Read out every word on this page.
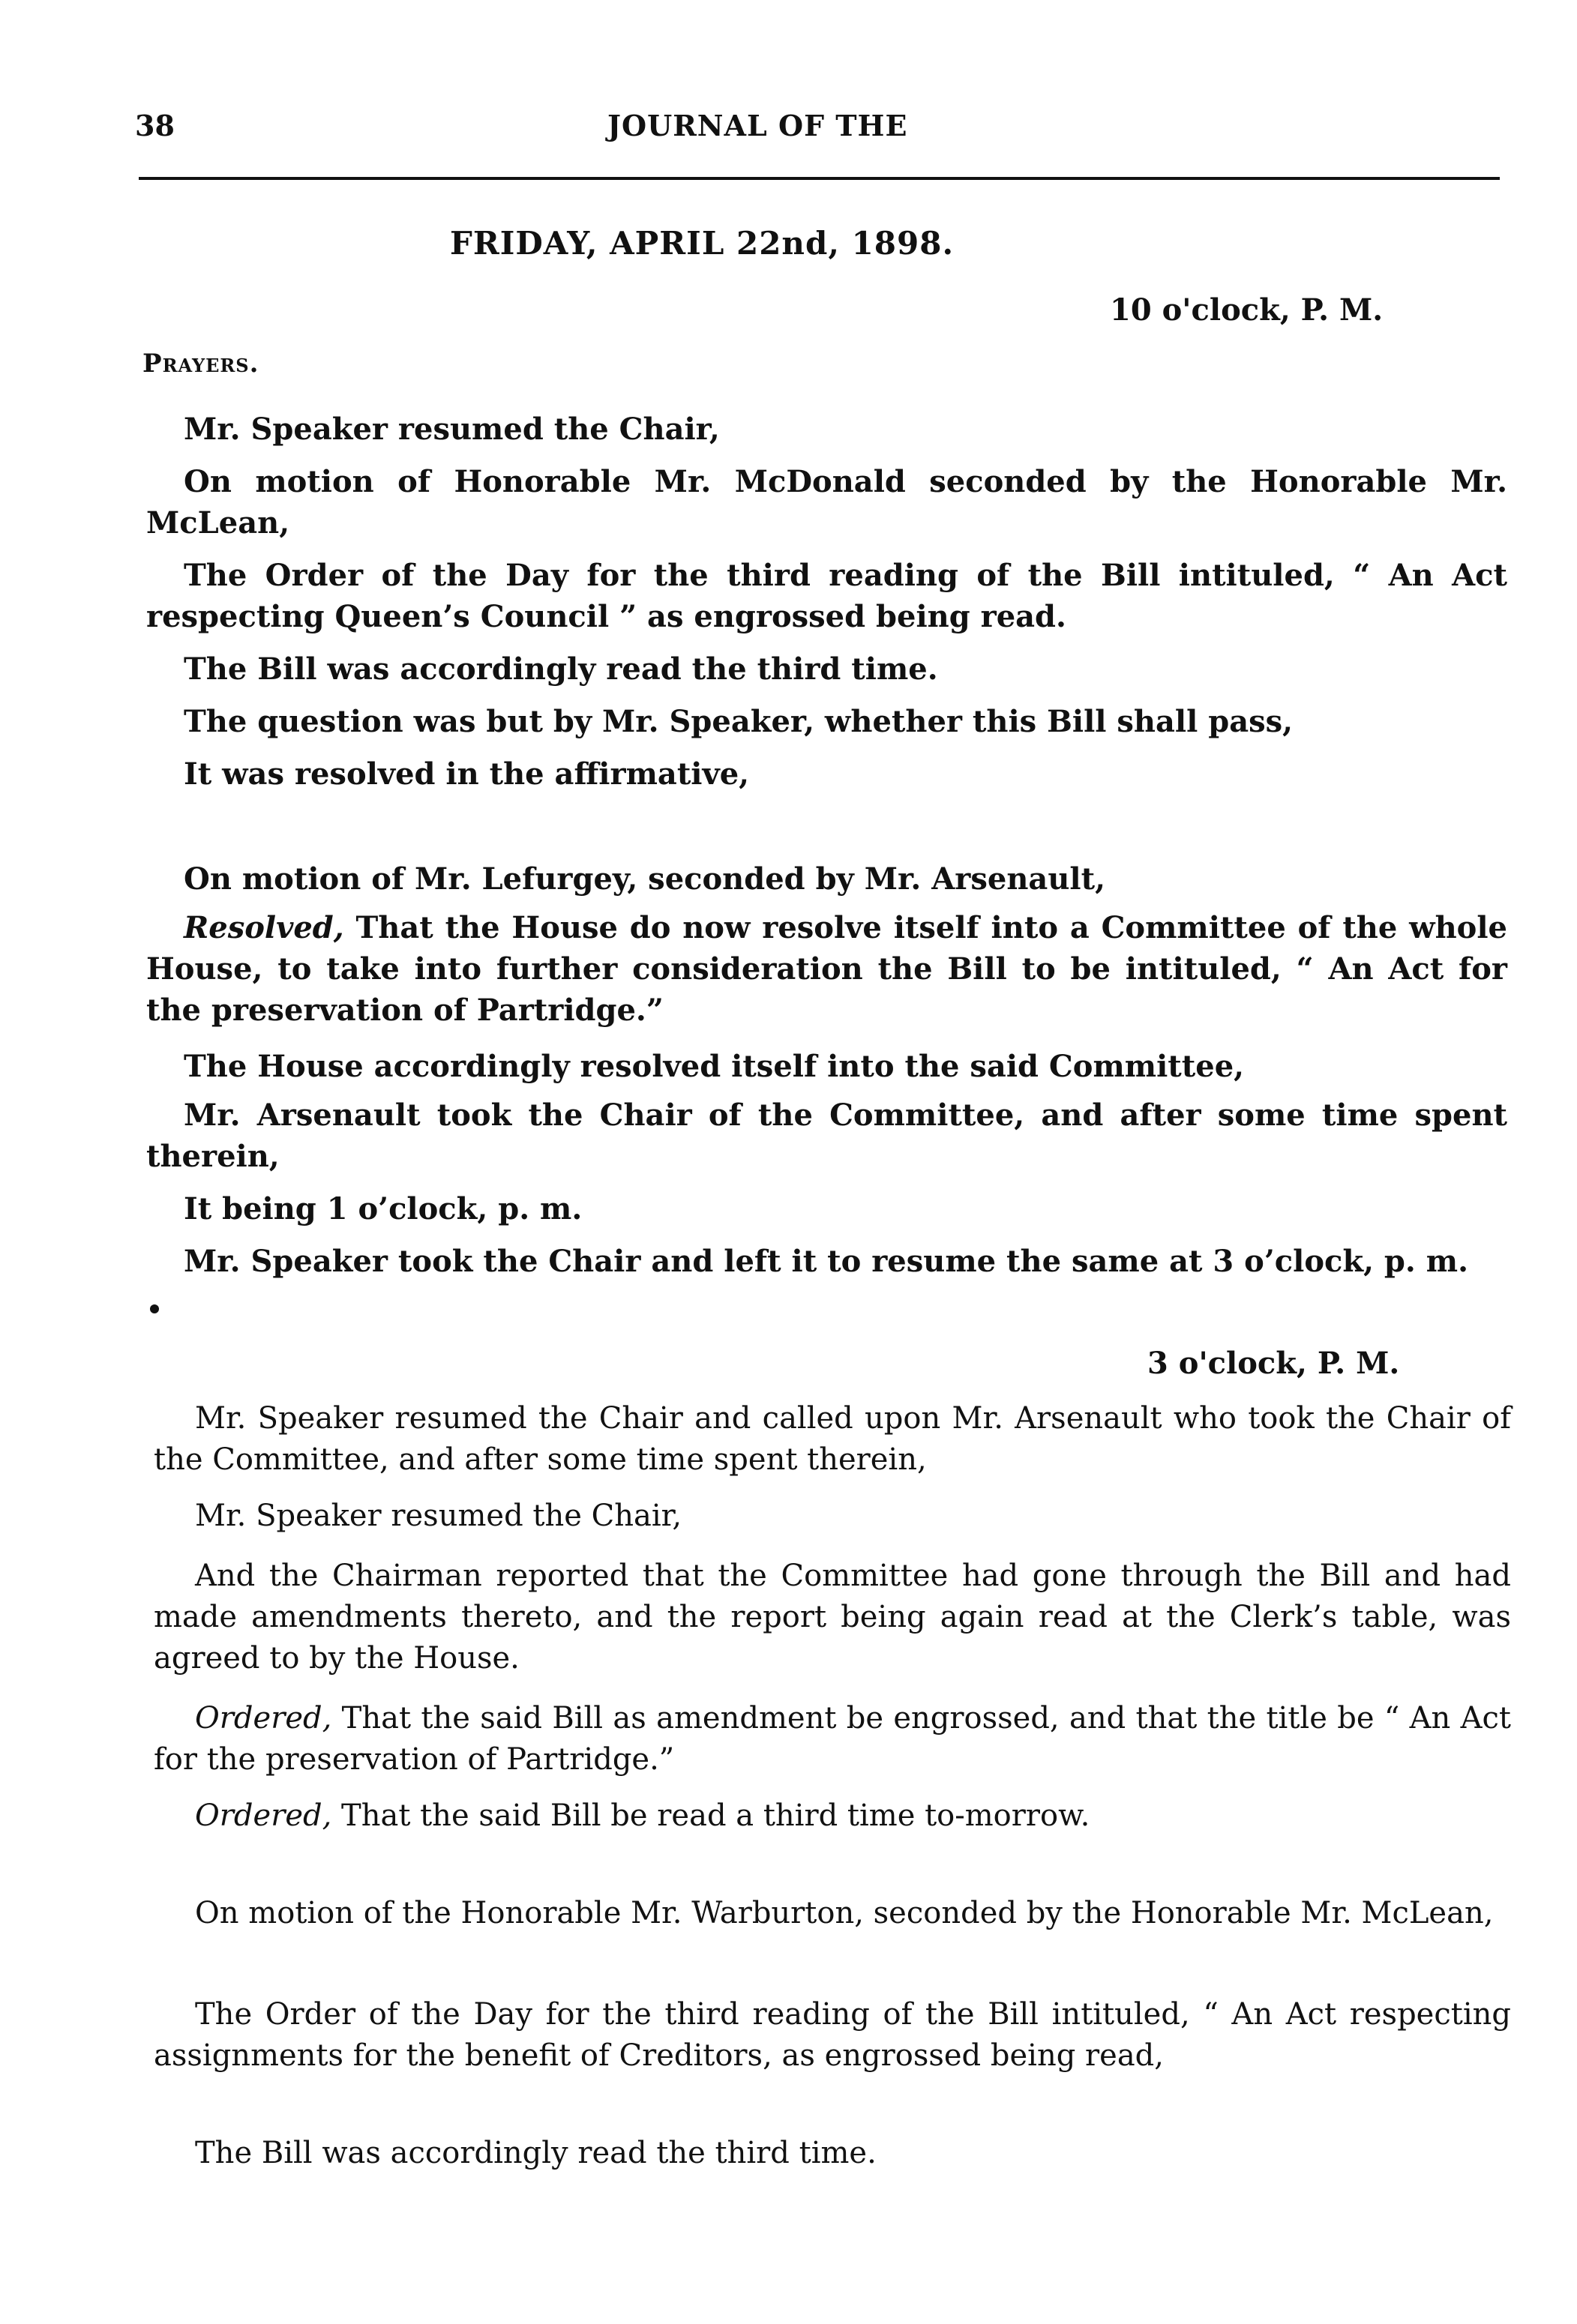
38	JOURNAL OF THE
FRIDAY, APRIL 22nd, 1898.
10 o'clock, P. M.
Prayers.
Mr. Speaker resumed the Chair,
On motion of Honorable Mr. McDonald seconded by the Honorable Mr. McLean,
The Order of the Day for the third reading of the Bill intituled, “ An Act respecting Queen’s Council ” as engrossed being read.
The Bill was accordingly read the third time.
The question was but by Mr. Speaker, whether this Bill shall pass,
It was resolved in the affirmative,
On motion of Mr. Lefurgey, seconded by Mr. Arsenault,
Resolved, That the House do now resolve itself into a Committee of the whole House, to take into further consideration the Bill to be intituled, “ An Act for the preservation of Partridge.”
The House accordingly resolved itself into the said Committee,
Mr. Arsenault took the Chair of the Committee, and after some time spent therein,
It being 1 o’clock, p. m.
Mr. Speaker took the Chair and left it to resume the same at 3 o’clock, p. m.
3 o'clock, P. M.
Mr. Speaker resumed the Chair and called upon Mr. Arsenault who took the Chair of the Committee, and after some time spent therein,
Mr. Speaker resumed the Chair,
And the Chairman reported that the Committee had gone through the Bill and had made amendments thereto, and the report being again read at the Clerk’s table, was agreed to by the House.
Ordered, That the said Bill as amendment be engrossed, and that the title be “ An Act for the preservation of Partridge.”
Ordered, That the said Bill be read a third time to-morrow.
On motion of the Honorable Mr. Warburton, seconded by the Honorable Mr. McLean,
The Order of the Day for the third reading of the Bill intituled, “ An Act respecting assignments for the benefit of Creditors, as engrossed being read,
The Bill was accordingly read the third time.
